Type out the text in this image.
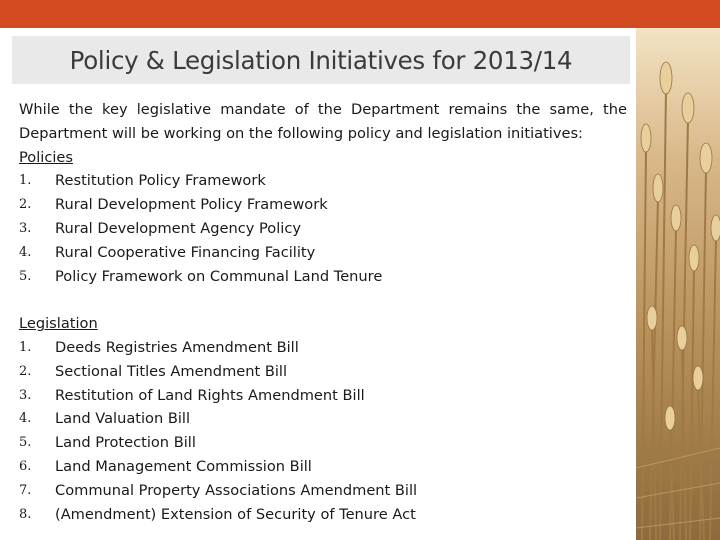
Policy & Legislation Initiatives for 2013/14

While the key legislative mandate of the Department remains the same, the Department will be working on the following policy and legislation initiatives:

Policies
1.	Restitution Policy Framework
2.	Rural Development Policy Framework
3.	Rural Development Agency Policy
4.	Rural Cooperative Financing Facility
5.	Policy Framework on Communal Land Tenure
Legislation
1.	Deeds Registries Amendment Bill
2.	Sectional Titles Amendment Bill
3.	Restitution of Land Rights Amendment Bill
4.	Land Valuation Bill
5.	Land Protection Bill
6.	Land Management Commission Bill
7.	Communal Property Associations Amendment Bill
8.	(Amendment) Extension of Security of Tenure Act
